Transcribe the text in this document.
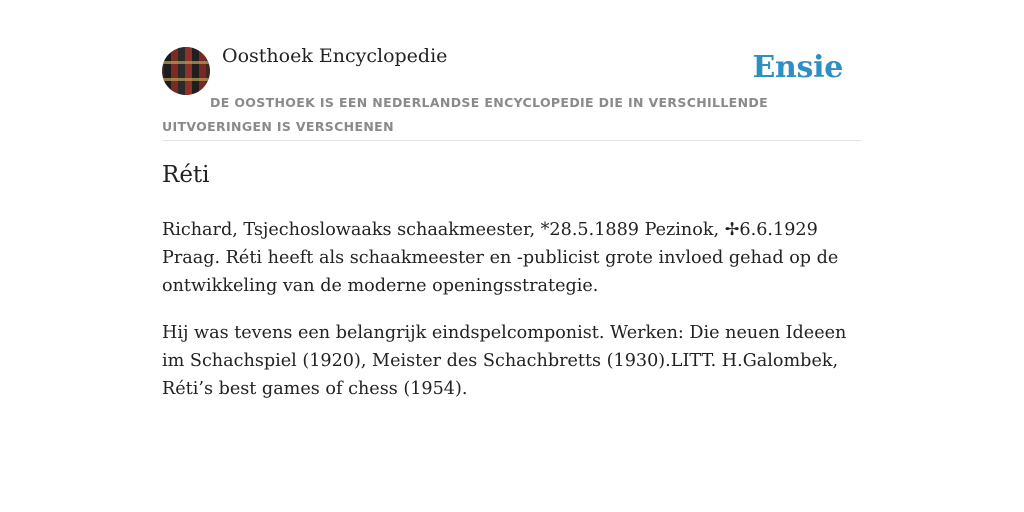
Oosthoek Encyclopedie	Ensie
DE OOSTHOEK IS EEN NEDERLANDSE ENCYCLOPEDIE DIE IN VERSCHILLENDE UITVOERINGEN IS VERSCHENEN
Réti

Richard, Tsjechoslowaaks schaakmeester, *28.5.1889 Pezinok, ✢6.6.1929 Praag. Réti heeft als schaakmeester en -publicist grote invloed gehad op de ontwikkeling van de moderne openingsstrategie.

Hij was tevens een belangrijk eindspelcomponist. Werken: Die neuen Ideeen im Schachspiel (1920), Meister des Schachbretts (1930).LITT. H.Galombek, Réti’s best games of chess (1954).
